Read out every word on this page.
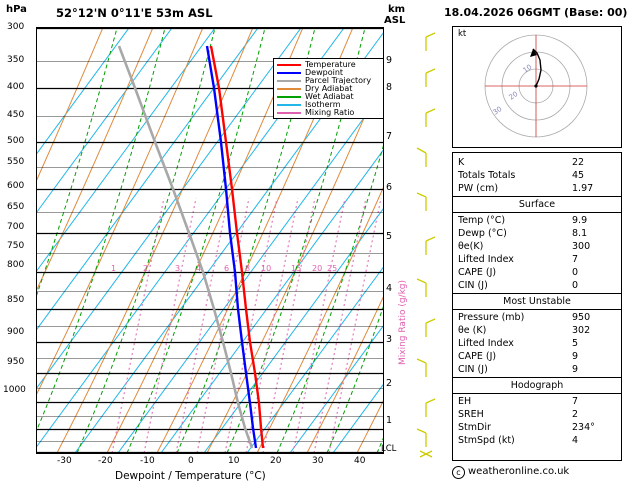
hPa	52°12'N 0°11'E 53m ASL	km
ASL
18.04.2026 06GMT (Base: 00)
Temperature
Dewpoint
Parcel Trajectory
Dry Adiabat
Wet Adiabat
Isotherm
Mixing Ratio
1	2	3 4	6 8 10 15 20 25
300
350
400
450
500
550
600
650
700
750
800
850
900
950
1000
-30	-20	-10	0	10	20	30	40
Dewpoint / Temperature (°C)
9
8
7
6
5
4
3
2
1
LCL
Mixing Ratio (g/kg)
kt
10
20
30
K	22
Totals Totals	45
PW (cm)	1.97
Surface
Temp (°C)	9.9
Dewp (°C)	8.1
θe(K)	300
Lifted Index	7
CAPE (J)	0
CIN (J)	0
Most Unstable
Pressure (mb)	950
θe (K)	302
Lifted Index	5
CAPE (J)	9
CIN (J)	9
Hodograph
EH	7
SREH	2
StmDir	234°
StmSpd (kt)	4
c weatheronline.co.uk
